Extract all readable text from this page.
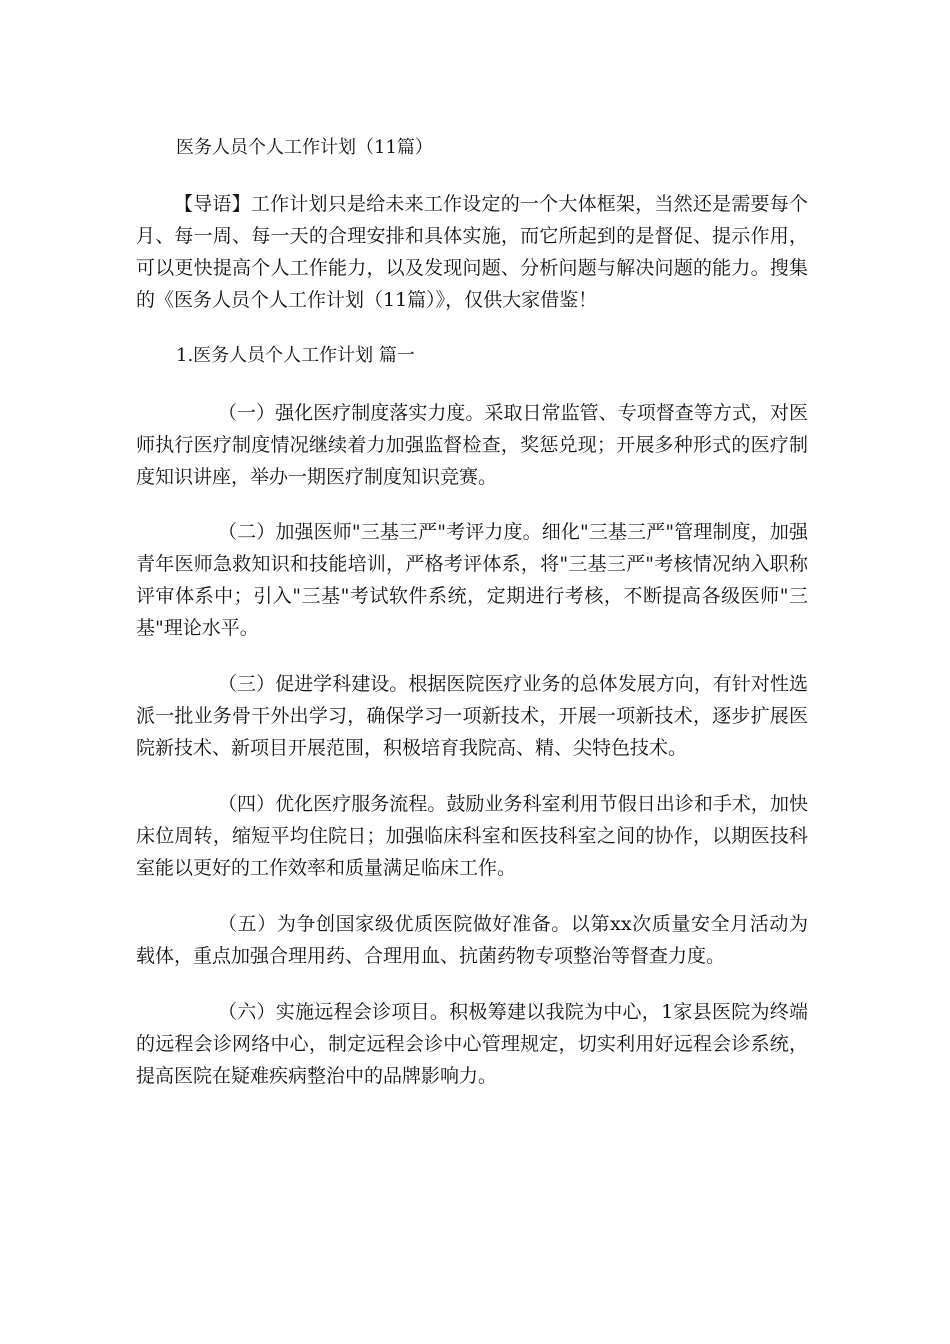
医务人员个人工作计划（11篇）
【导语】工作计划只是给未来工作设定的一个大体框架，当然还是需要每个月、每一周、每一天的合理安排和具体实施，而它所起到的是督促、提示作用，可以更快提高个人工作能力，以及发现问题、分析问题与解决问题的能力。搜集的《医务人员个人工作计划（11篇）》，仅供大家借鉴！
1.医务人员个人工作计划 篇一
（一）强化医疗制度落实力度。采取日常监管、专项督查等方式，对医师执行医疗制度情况继续着力加强监督检查，奖惩兑现；开展多种形式的医疗制度知识讲座，举办一期医疗制度知识竞赛。
（二）加强医师"三基三严"考评力度。细化"三基三严"管理制度，加强青年医师急救知识和技能培训，严格考评体系，将"三基三严"考核情况纳入职称评审体系中；引入"三基"考试软件系统，定期进行考核，不断提高各级医师"三基"理论水平。
（三）促进学科建设。根据医院医疗业务的总体发展方向，有针对性选派一批业务骨干外出学习，确保学习一项新技术，开展一项新技术，逐步扩展医院新技术、新项目开展范围，积极培育我院高、精、尖特色技术。
（四）优化医疗服务流程。鼓励业务科室利用节假日出诊和手术，加快床位周转，缩短平均住院日；加强临床科室和医技科室之间的协作，以期医技科室能以更好的工作效率和质量满足临床工作。
（五）为争创国家级优质医院做好准备。以第xx次质量安全月活动为载体，重点加强合理用药、合理用血、抗菌药物专项整治等督查力度。
（六）实施远程会诊项目。积极筹建以我院为中心，1家县医院为终端的远程会诊网络中心，制定远程会诊中心管理规定，切实利用好远程会诊系统，提高医院在疑难疾病整治中的品牌影响力。
